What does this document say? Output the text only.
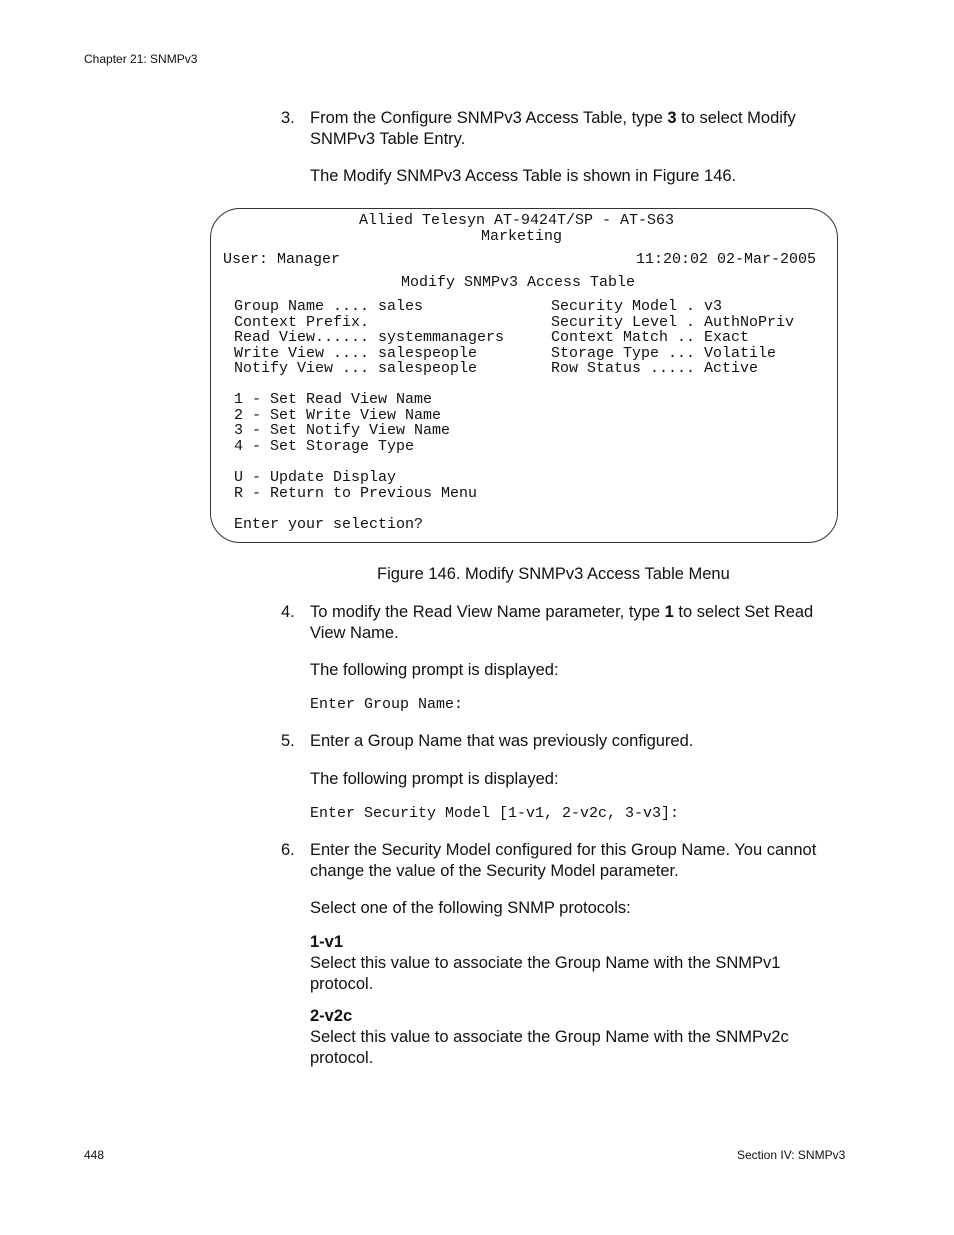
Chapter 21: SNMPv3
3. From the Configure SNMPv3 Access Table, type 3 to select Modify
SNMPv3 Table Entry.
The Modify SNMPv3 Access Table is shown in Figure 146.
Allied Telesyn AT-9424T/SP - AT-S63
Marketing
User: Manager	11:20:02 02-Mar-2005
Modify SNMPv3 Access Table
Group Name .... sales
Context Prefix.
Read View...... systemmanagers
Write View .... salespeople
Notify View ... salespeople
Security Model . v3
Security Level . AuthNoPriv
Context Match .. Exact
Storage Type ... Volatile
Row Status ..... Active
1 - Set Read View Name
2 - Set Write View Name
3 - Set Notify View Name
4 - Set Storage Type
U - Update Display
R - Return to Previous Menu
Enter your selection?
Figure 146. Modify SNMPv3 Access Table Menu
4. To modify the Read View Name parameter, type 1 to select Set Read
View Name.
The following prompt is displayed:
Enter Group Name:
5. Enter a Group Name that was previously configured.
The following prompt is displayed:
Enter Security Model [1-v1, 2-v2c, 3-v3]:
6. Enter the Security Model configured for this Group Name. You cannot
change the value of the Security Model parameter.
Select one of the following SNMP protocols:
1-v1
Select this value to associate the Group Name with the SNMPv1
protocol.
2-v2c
Select this value to associate the Group Name with the SNMPv2c
protocol.
448	Section IV: SNMPv3
